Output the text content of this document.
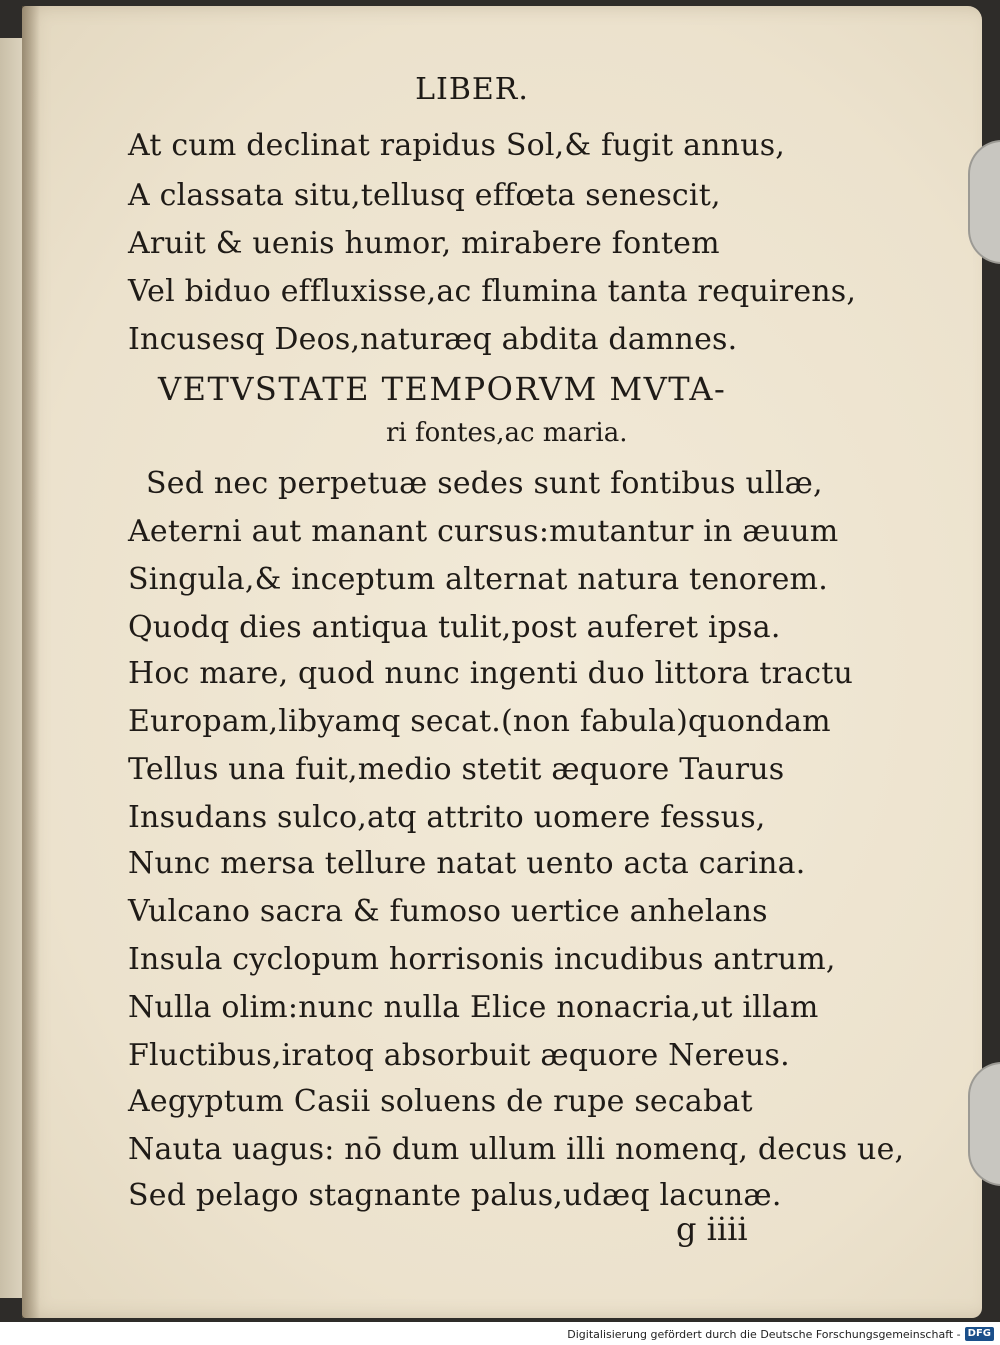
LIBER.
At cum declinat rapidus Sol,& fugit annus,
A classata situ,tellusq effœta senescit,
Aruit & uenis humor, mirabere fontem
Vel biduo effluxisse,ac flumina tanta requirens,
Incusesq Deos,naturæq abdita damnes.
VETVSTATE TEMPORVM MVTA-
ri fontes,ac maria.
Sed nec perpetuæ sedes sunt fontibus ullæ,
Aeterni aut manant cursus:mutantur in æuum
Singula,& inceptum alternat natura tenorem.
Quodq dies antiqua tulit,post auferet ipsa.
Hoc mare, quod nunc ingenti duo littora tractu
Europam,libyamq secat.(non fabula)quondam
Tellus una fuit,medio stetit æquore Taurus
Insudans sulco,atq attrito uomere fessus,
Nunc mersa tellure natat uento acta carina.
Vulcano sacra & fumoso uertice anhelans
Insula cyclopum horrisonis incudibus antrum,
Nulla olim:nunc nulla Elice nonacria,ut illam
Fluctibus,iratoq absorbuit æquore Nereus.
Aegyptum Casii soluens de rupe secabat
Nauta uagus: nō dum ullum illi nomenq, decus ue,
Sed pelago stagnante palus,udæq lacunæ.
g iiii
Digitalisierung gefördert durch die Deutsche Forschungsgemeinschaft - DFG
